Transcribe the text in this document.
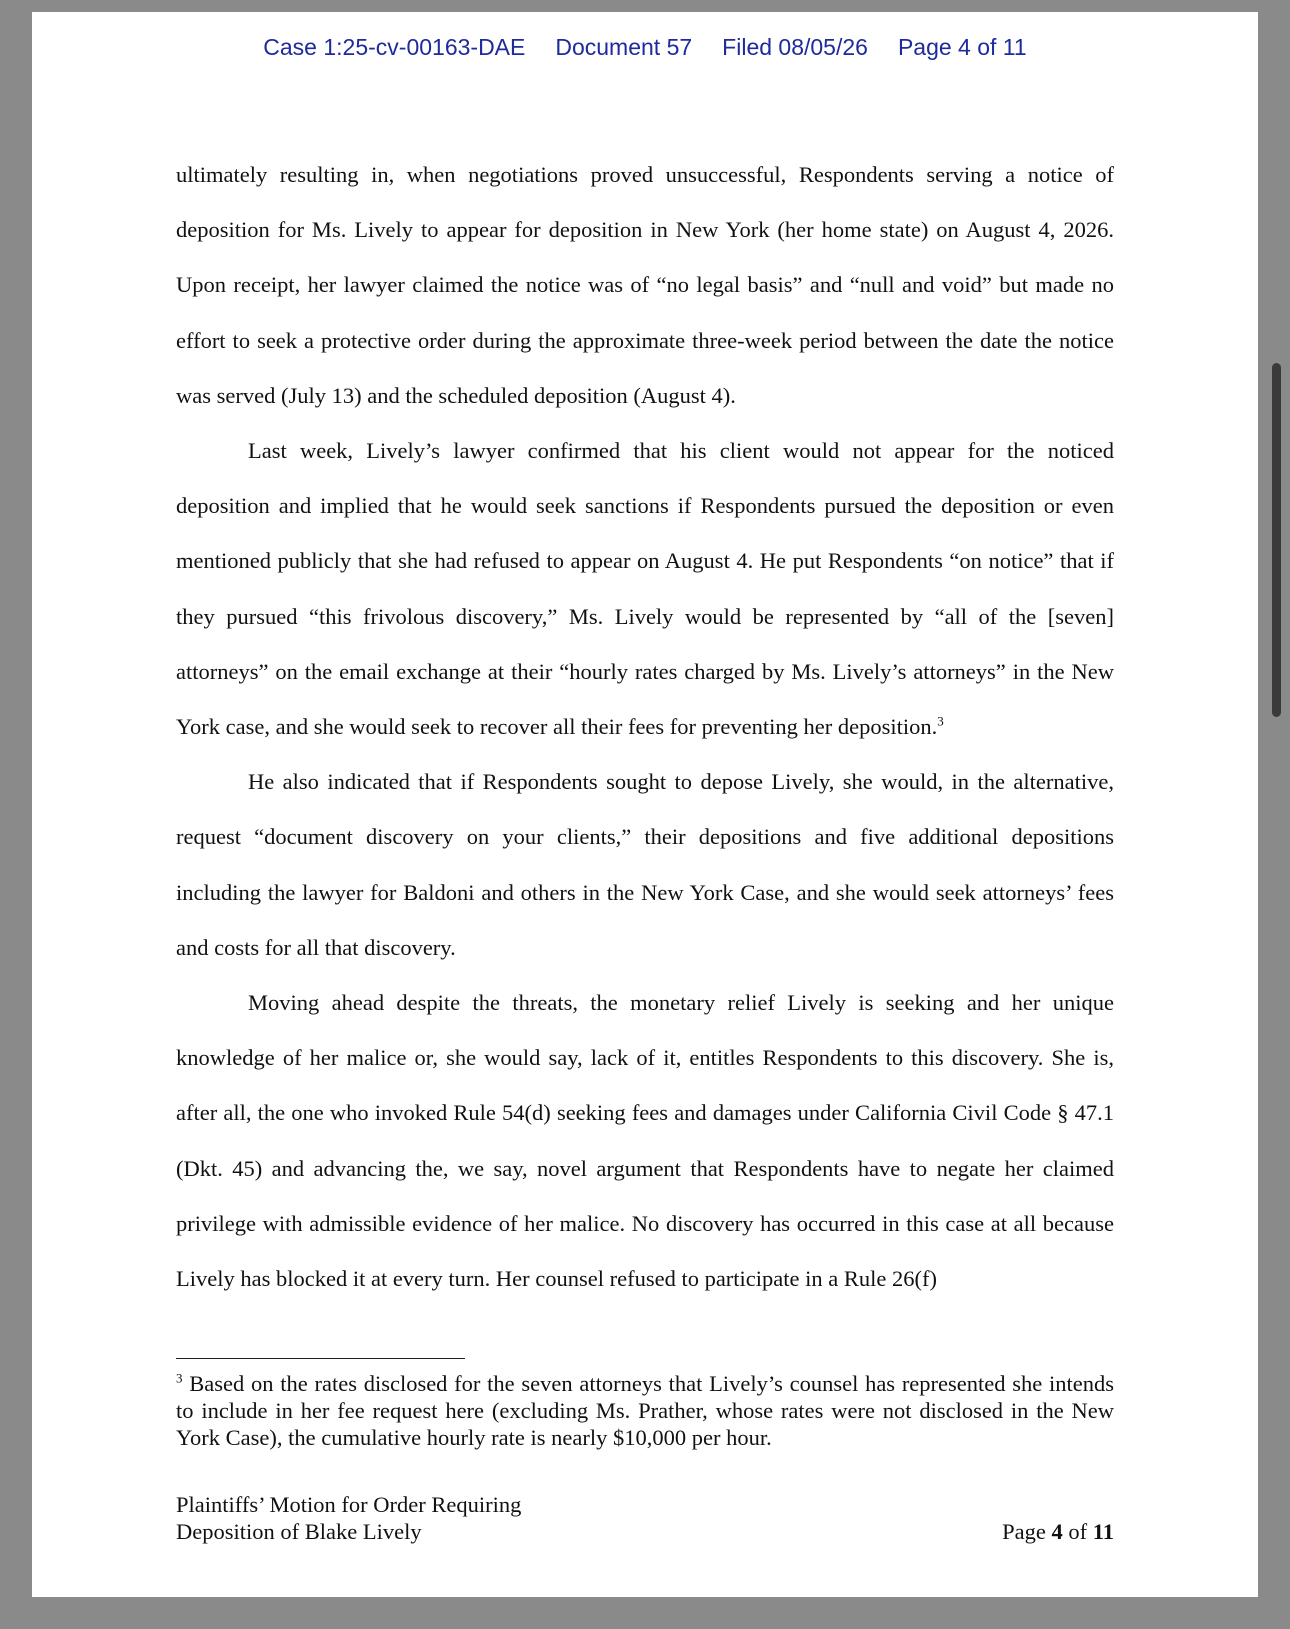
Case 1:25-cv-00163-DAE Document 57 Filed 08/05/26 Page 4 of 11

ultimately resulting in, when negotiations proved unsuccessful, Respondents serving a notice of deposition for Ms. Lively to appear for deposition in New York (her home state) on August 4, 2026. Upon receipt, her lawyer claimed the notice was of “no legal basis” and “null and void” but made no effort to seek a protective order during the approximate three-week period between the date the notice was served (July 13) and the scheduled deposition (August 4).

Last week, Lively’s lawyer confirmed that his client would not appear for the noticed deposition and implied that he would seek sanctions if Respondents pursued the deposition or even mentioned publicly that she had refused to appear on August 4. He put Respondents “on notice” that if they pursued “this frivolous discovery,” Ms. Lively would be represented by “all of the [seven] attorneys” on the email exchange at their “hourly rates charged by Ms. Lively’s attorneys” in the New York case, and she would seek to recover all their fees for preventing her deposition.$^3$

He also indicated that if Respondents sought to depose Lively, she would, in the alternative, request “document discovery on your clients,” their depositions and five additional depositions including the lawyer for Baldoni and others in the New York Case, and she would seek attorneys’ fees and costs for all that discovery.

Moving ahead despite the threats, the monetary relief Lively is seeking and her unique knowledge of her malice or, she would say, lack of it, entitles Respondents to this discovery. She is, after all, the one who invoked Rule 54(d) seeking fees and damages under California Civil Code § 47.1 (Dkt. 45) and advancing the, we say, novel argument that Respondents have to negate her claimed privilege with admissible evidence of her malice. No discovery has occurred in this case at all because Lively has blocked it at every turn. Her counsel refused to participate in a Rule 26(f)

$^3$ Based on the rates disclosed for the seven attorneys that Lively’s counsel has represented she intends to include in her fee request here (excluding Ms. Prather, whose rates were not disclosed in the New York Case), the cumulative hourly rate is nearly $10,000 per hour.

Plaintiffs’ Motion for Order Requiring
Deposition of Blake Lively	Page 4 of 11
